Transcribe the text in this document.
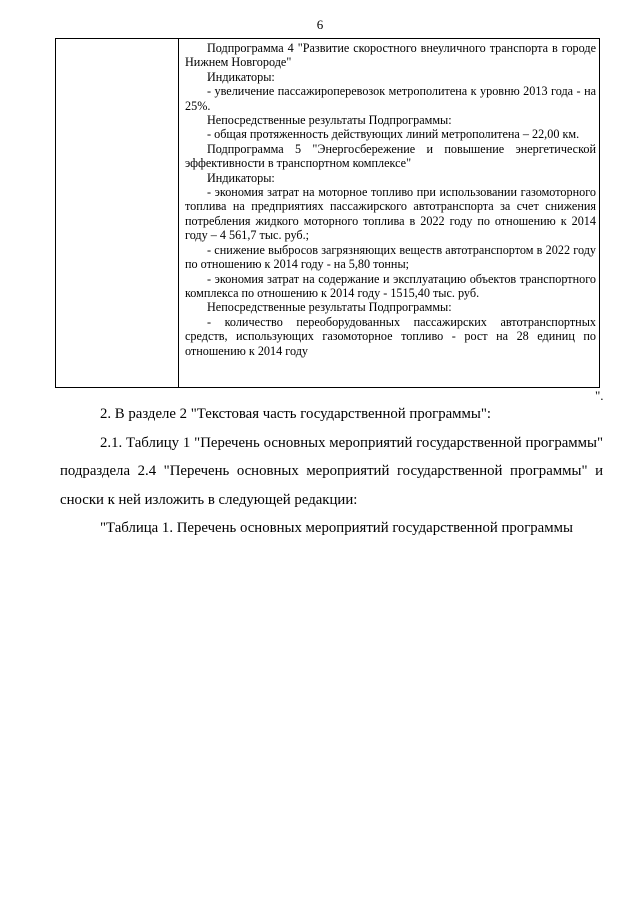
6

Подпрограмма 4 "Развитие скоростного внеуличного транспорта в городе Нижнем Новгороде"

Индикаторы:

- увеличение пассажироперевозок метрополитена к уровню 2013 года - на 25%.

Непосредственные результаты Подпрограммы:

- общая протяженность действующих линий метрополитена – 22,00 км.

Подпрограмма 5 "Энергосбережение и повышение энергетической эффективности в транспортном комплексе"

Индикаторы:

- экономия затрат на моторное топливо при использовании газомоторного топлива на предприятиях пассажирского автотранспорта за счет снижения потребления жидкого моторного топлива в 2022 году по отношению к 2014 году – 4 561,7 тыс. руб.;

- снижение выбросов загрязняющих веществ автотранспортом в 2022 году по отношению к 2014 году - на 5,80 тонны;

- экономия затрат на содержание и эксплуатацию объектов транспортного комплекса по отношению к 2014 году - 1515,40 тыс. руб.

Непосредственные результаты Подпрограммы:

- количество переоборудованных пассажирских автотранспортных средств, использующих газомоторное топливо - рост на 28 единиц по отношению к 2014 году

".

2. В разделе 2 "Текстовая часть государственной программы":

2.1. Таблицу 1 "Перечень основных мероприятий государственной программы" подраздела 2.4 "Перечень основных мероприятий государственной программы" и сноски к ней изложить в следующей редакции:

"Таблица 1. Перечень основных мероприятий государственной программы
